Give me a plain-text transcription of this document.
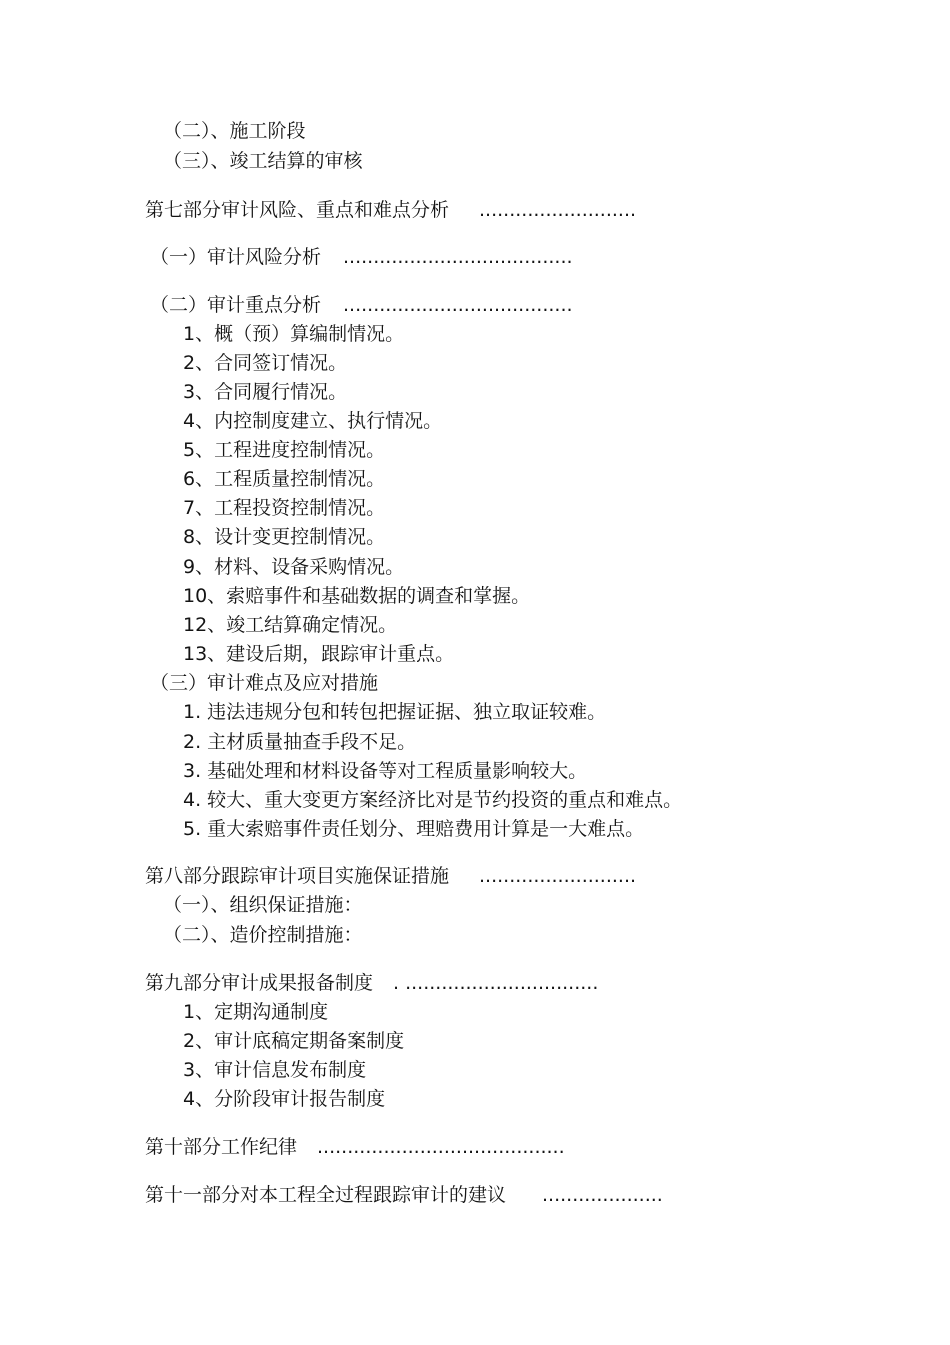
（二）、施工阶段
（三）、竣工结算的审核
第七部分审计风险、重点和难点分析 ..........................
（一）审计风险分析 ......................................
（二）审计重点分析 ......................................
1、概（预）算编制情况。
2、合同签订情况。
3、合同履行情况。
4、内控制度建立、执行情况。
5、工程进度控制情况。
6、工程质量控制情况。
7、工程投资控制情况。
8、设计变更控制情况。
9、材料、设备采购情况。
10、索赔事件和基础数据的调查和掌握。
12、竣工结算确定情况。
13、建设后期，跟踪审计重点。
（三）审计难点及应对措施
1. 违法违规分包和转包把握证据、独立取证较难。
2. 主材质量抽查手段不足。
3. 基础处理和材料设备等对工程质量影响较大。
4. 较大、重大变更方案经济比对是节约投资的重点和难点。
5. 重大索赔事件责任划分、理赔费用计算是一大难点。
第八部分跟踪审计项目实施保证措施 ..........................
（一）、组织保证措施：
（二）、造价控制措施：
第九部分审计成果报备制度 . ................................
1、定期沟通制度
2、审计底稿定期备案制度
3、审计信息发布制度
4、分阶段审计报告制度
第十部分工作纪律 .........................................
第十一部分对本工程全过程跟踪审计的建议 ....................
